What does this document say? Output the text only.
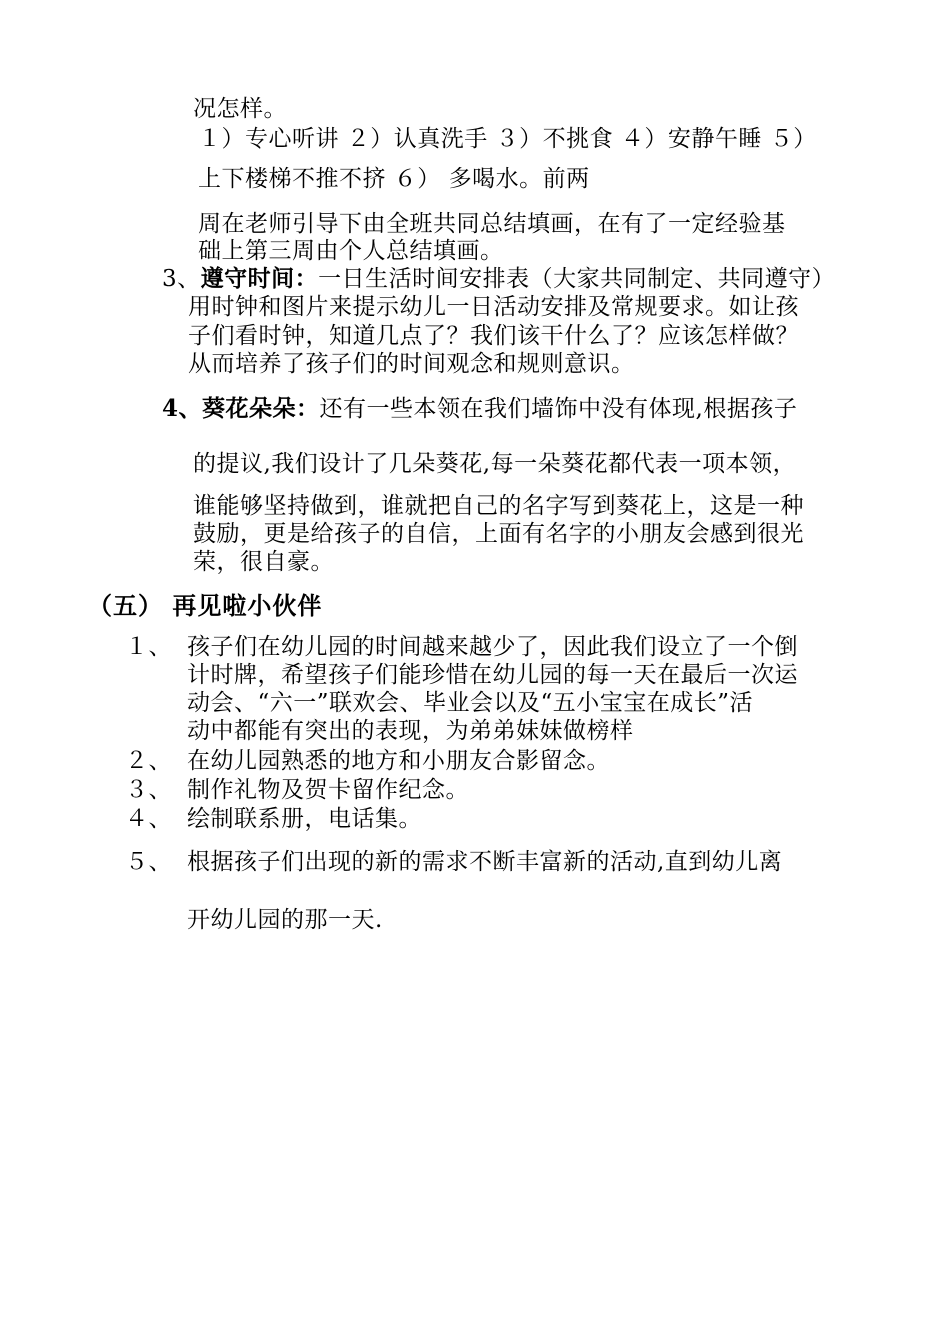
况怎样。
１）专心听讲 ２）认真洗手 ３）不挑食 ４）安静午睡 ５）
上下楼梯不推不挤 ６） 多喝水。前两
周在老师引导下由全班共同总结填画，在有了一定经验基
础上第三周由个人总结填画。
3、遵守时间：一日生活时间安排表（大家共同制定、共同遵守）
用时钟和图片来提示幼儿一日活动安排及常规要求。如让孩
子们看时钟，知道几点了？我们该干什么了？应该怎样做？
从而培养了孩子们的时间观念和规则意识。
4、葵花朵朵：还有一些本领在我们墙饰中没有体现,根据孩子
的提议,我们设计了几朵葵花,每一朵葵花都代表一项本领，
谁能够坚持做到，谁就把自己的名字写到葵花上，这是一种
鼓励，更是给孩子的自信，上面有名字的小朋友会感到很光
荣，很自豪。
（五） 再见啦小伙伴
１、 孩子们在幼儿园的时间越来越少了，因此我们设立了一个倒
计时牌，希望孩子们能珍惜在幼儿园的每一天在最后一次运
动会、“六一”联欢会、毕业会以及“五小宝宝在成长”活
动中都能有突出的表现，为弟弟妹妹做榜样
２、 在幼儿园熟悉的地方和小朋友合影留念。
３、 制作礼物及贺卡留作纪念。
４、 绘制联系册，电话集。
５、 根据孩子们出现的新的需求不断丰富新的活动,直到幼儿离
开幼儿园的那一天.
